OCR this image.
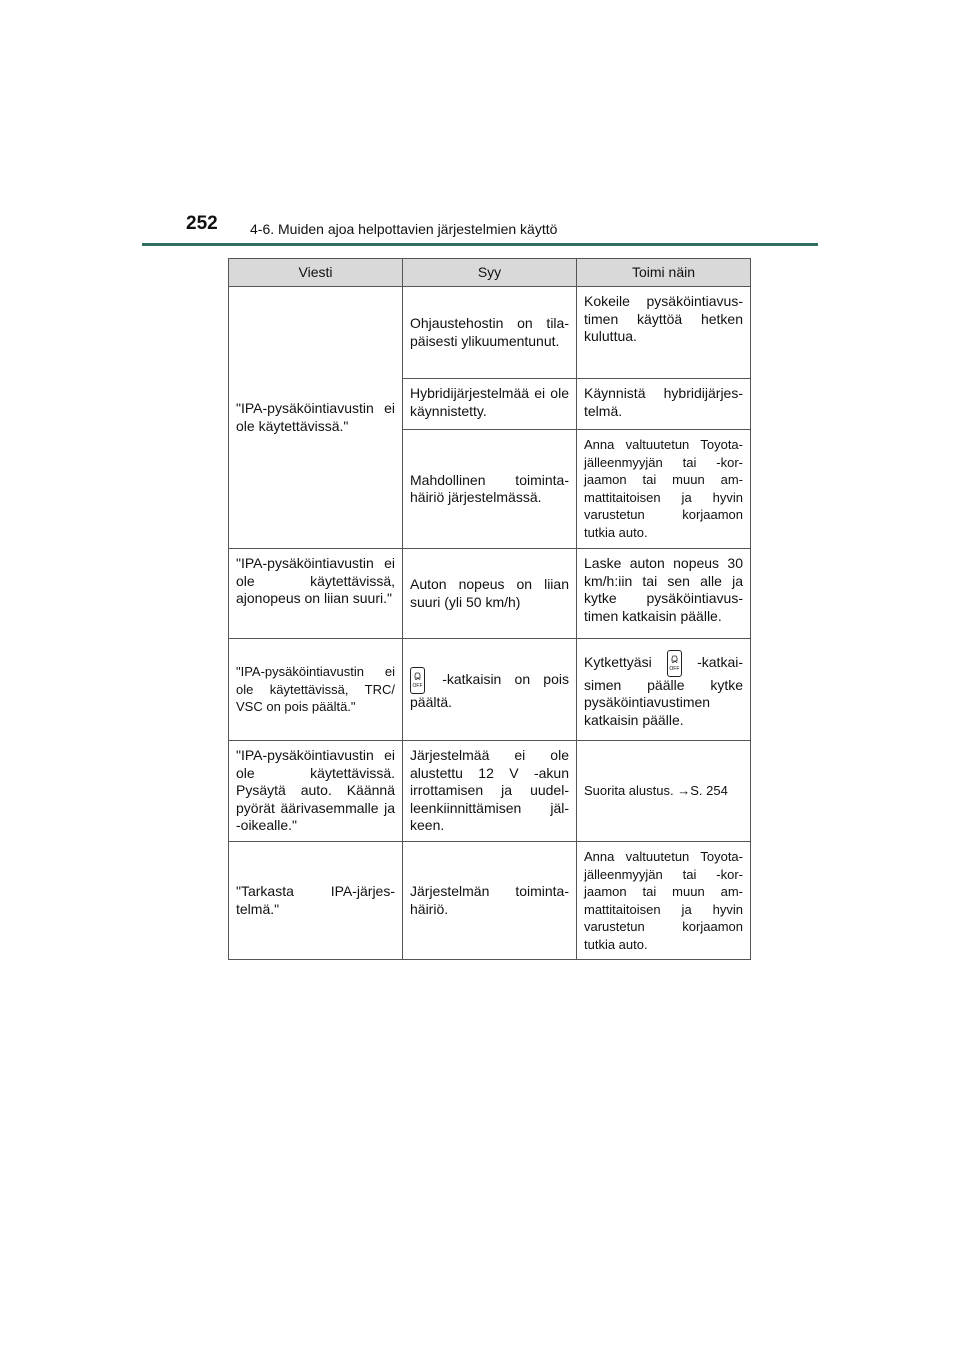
252 4-6. Muiden ajoa helpottavien järjestelmien käyttö
Viesti	Syy	Toimi näin
"IPA-pysäköintiavustin ei ole käytettävissä."	Ohjaustehostin on tila-päisesti ylikuumentunut.	Kokeile pysäköintiavus-timen käyttöä hetken kuluttua.
	Hybridijärjestelmää ei ole käynnistetty.	Käynnistä hybridijärjes-telmä.
	Mahdollinen toiminta-häiriö järjestelmässä.	Anna valtuutetun Toyota-jälleenmyyjän tai -kor-jaamon tai muun am-mattitaitoisen ja hyvin varustetun korjaamon tutkia auto.
"IPA-pysäköintiavustin ei ole käytettävissä, ajonopeus on liian suuri."	Auton nopeus on liian suuri (yli 50 km/h)	Laske auton nopeus 30 km/h:iin tai sen alle ja kytke pysäköintiavus-timen katkaisin päälle.
"IPA-pysäköintiavustin ei ole käytettävissä, TRC/ VSC on pois päältä."	OFF -katkaisin on pois päältä.	Kytkettyäsi OFF -katkai-simen päälle kytke pysäköintiavustimen katkaisin päälle.
"IPA-pysäköintiavustin ei ole käytettävissä. Pysäytä auto. Käännä pyörät äärivasemmalle ja -oikealle."	Järjestelmää ei ole alustettu 12 V -akun irrottamisen ja uudel-leenkiinnittämisen jäl-keen.	Suorita alustus. →S. 254
"Tarkasta IPA-järjes-telmä."	Järjestelmän toiminta-häiriö.	Anna valtuutetun Toyota-jälleenmyyjän tai -kor-jaamon tai muun am-mattitaitoisen ja hyvin varustetun korjaamon tutkia auto.
